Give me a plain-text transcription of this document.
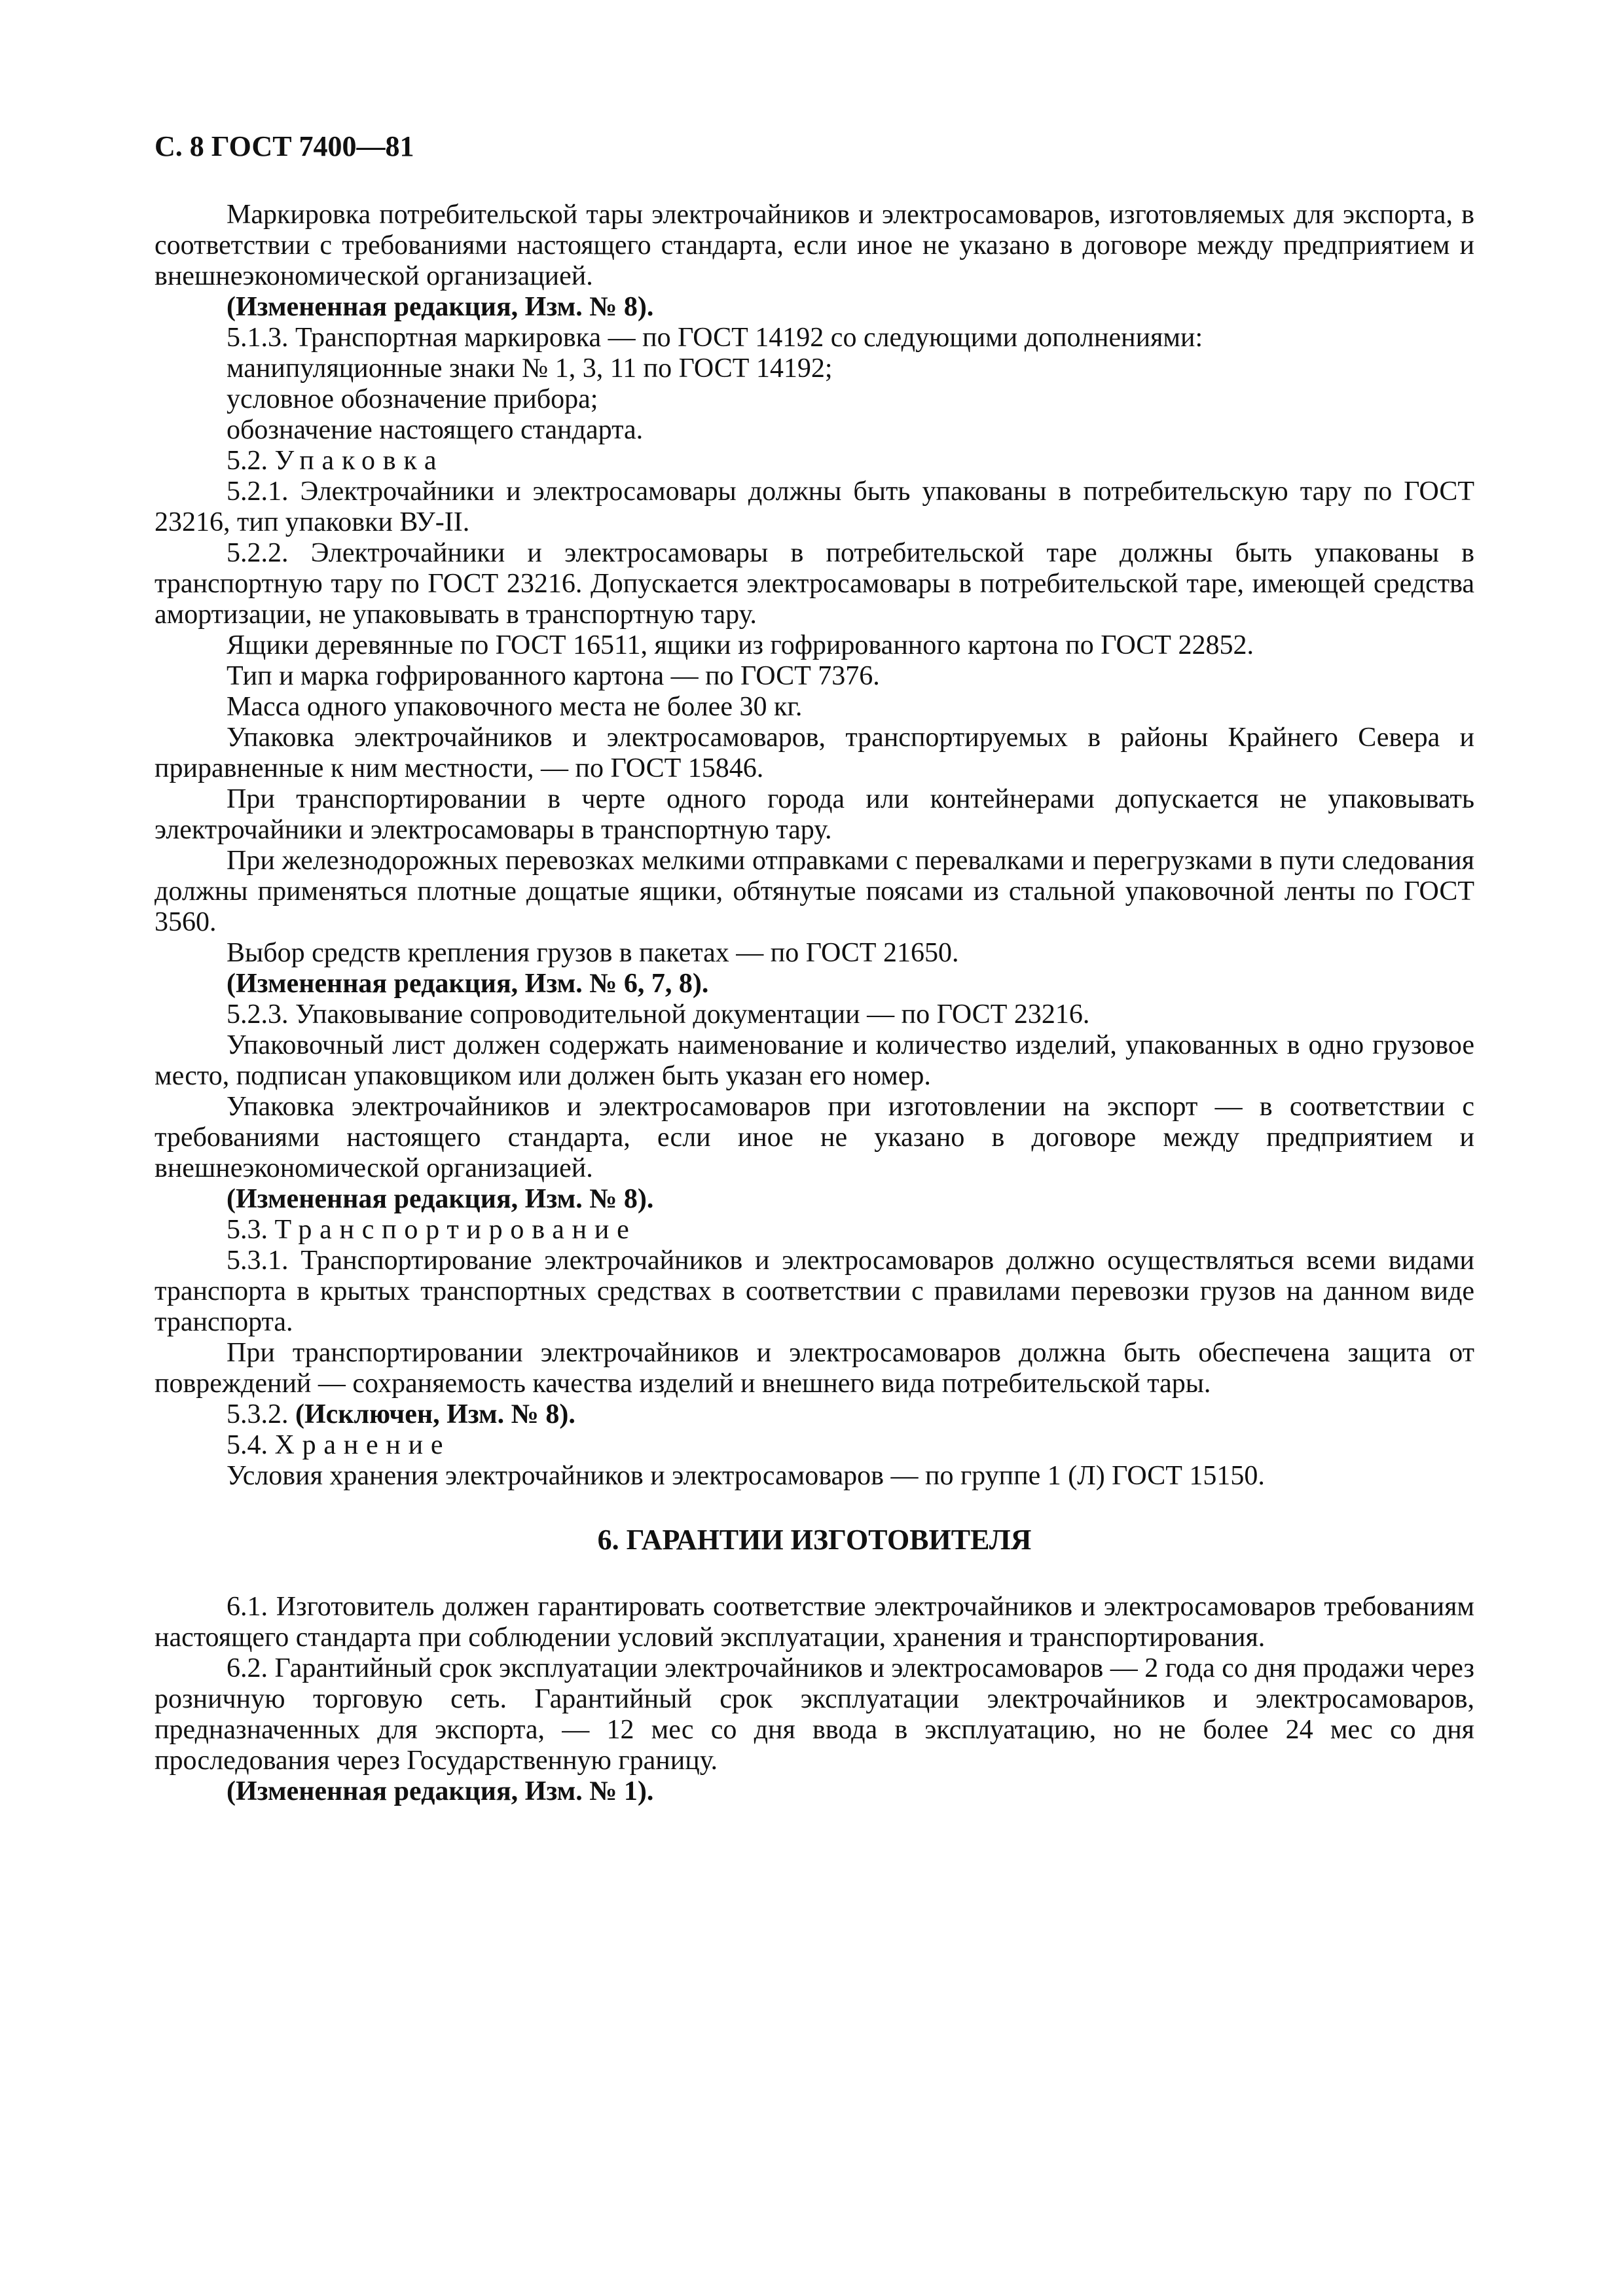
С. 8 ГОСТ 7400—81

Маркировка потребительской тары электрочайников и электросамоваров, изготовляемых для экспорта, в соответствии с требованиями настоящего стандарта, если иное не указано в договоре между предприятием и внешнеэкономической организацией.

(Измененная редакция, Изм. № 8).

5.1.3. Транспортная маркировка — по ГОСТ 14192 со следующими дополнениями:

манипуляционные знаки № 1, 3, 11 по ГОСТ 14192;

условное обозначение прибора;

обозначение настоящего стандарта.

5.2. Упаковка

5.2.1. Электрочайники и электросамовары должны быть упакованы в потребительскую тару по ГОСТ 23216, тип упаковки ВУ-II.

5.2.2. Электрочайники и электросамовары в потребительской таре должны быть упакованы в транспортную тару по ГОСТ 23216. Допускается электросамовары в потребительской таре, имеющей средства амортизации, не упаковывать в транспортную тару.

Ящики деревянные по ГОСТ 16511, ящики из гофрированного картона по ГОСТ 22852.

Тип и марка гофрированного картона — по ГОСТ 7376.

Масса одного упаковочного места не более 30 кг.

Упаковка электрочайников и электросамоваров, транспортируемых в районы Крайнего Севера и приравненные к ним местности, — по ГОСТ 15846.

При транспортировании в черте одного города или контейнерами допускается не упаковывать электрочайники и электросамовары в транспортную тару.

При железнодорожных перевозках мелкими отправками с перевалками и перегрузками в пути следования должны применяться плотные дощатые ящики, обтянутые поясами из стальной упаковочной ленты по ГОСТ 3560.

Выбор средств крепления грузов в пакетах — по ГОСТ 21650.

(Измененная редакция, Изм. № 6, 7, 8).

5.2.3. Упаковывание сопроводительной документации — по ГОСТ 23216.

Упаковочный лист должен содержать наименование и количество изделий, упакованных в одно грузовое место, подписан упаковщиком или должен быть указан его номер.

Упаковка электрочайников и электросамоваров при изготовлении на экспорт — в соответствии с требованиями настоящего стандарта, если иное не указано в договоре между предприятием и внешнеэкономической организацией.

(Измененная редакция, Изм. № 8).

5.3. Транспортирование

5.3.1. Транспортирование электрочайников и электросамоваров должно осуществляться всеми видами транспорта в крытых транспортных средствах в соответствии с правилами перевозки грузов на данном виде транспорта.

При транспортировании электрочайников и электросамоваров должна быть обеспечена защита от повреждений — сохраняемость качества изделий и внешнего вида потребительской тары.

5.3.2. (Исключен, Изм. № 8).

5.4. Хранение

Условия хранения электрочайников и электросамоваров — по группе 1 (Л) ГОСТ 15150.

6. ГАРАНТИИ ИЗГОТОВИТЕЛЯ

6.1. Изготовитель должен гарантировать соответствие электрочайников и электросамоваров требованиям настоящего стандарта при соблюдении условий эксплуатации, хранения и транспортирования.

6.2. Гарантийный срок эксплуатации электрочайников и электросамоваров — 2 года со дня продажи через розничную торговую сеть. Гарантийный срок эксплуатации электрочайников и электросамоваров, предназначенных для экспорта, — 12 мес со дня ввода в эксплуатацию, но не более 24 мес со дня проследования через Государственную границу.

(Измененная редакция, Изм. № 1).
